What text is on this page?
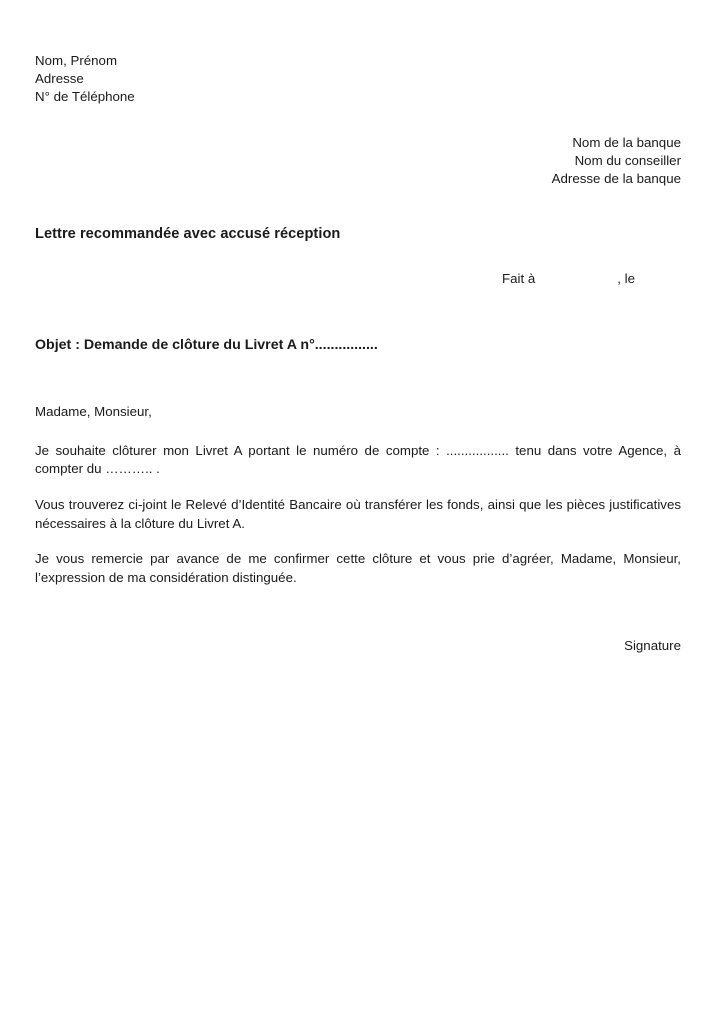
Nom, Prénom
Adresse
N° de Téléphone
Nom de la banque
Nom du conseiller
Adresse de la banque
Lettre recommandée avec accusé réception
Fait à	, le
Objet : Demande de clôture du Livret A n°................
Madame, Monsieur,
Je souhaite clôturer mon Livret A portant le numéro de compte : ................. tenu dans votre Agence, à compter du ……….. .
Vous trouverez ci-joint le Relevé d’Identité Bancaire où transférer les fonds, ainsi que les pièces justificatives nécessaires à la clôture du Livret A.
Je vous remercie par avance de me confirmer cette clôture et vous prie d’agréer, Madame, Monsieur, l’expression de ma considération distinguée.
Signature
